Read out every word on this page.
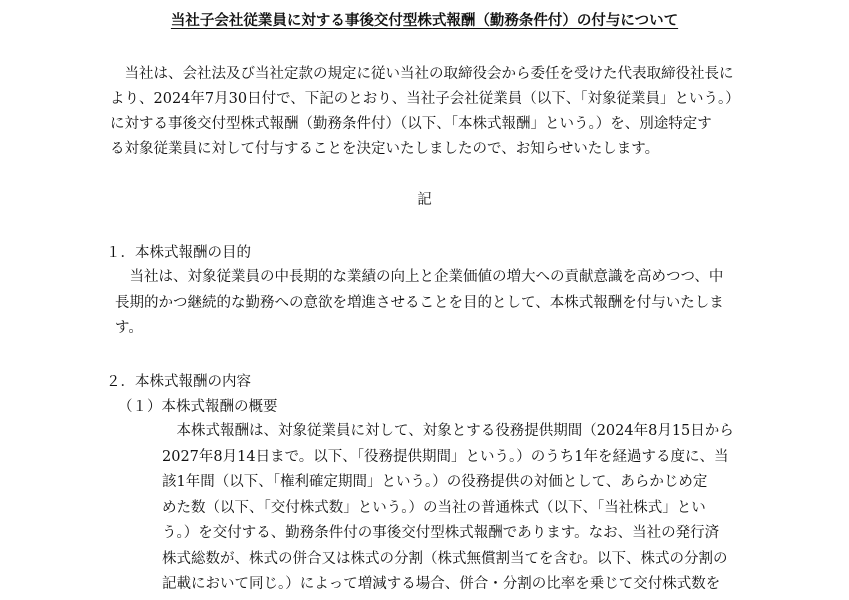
当社子会社従業員に対する事後交付型株式報酬（勤務条件付）の付与について
　当社は、会社法及び当社定款の規定に従い当社の取締役会から委任を受けた代表取締役社長に
より、2024年7月30日付で、下記のとおり、当社子会社従業員（以下、「対象従業員」という。）
に対する事後交付型株式報酬（勤務条件付）（以下、「本株式報酬」という。）を、別途特定す
る対象従業員に対して付与することを決定いたしましたので、お知らせいたします。
記
１．本株式報酬の目的
　当社は、対象従業員の中長期的な業績の向上と企業価値の増大への貢献意識を高めつつ、中
長期的かつ継続的な勤務への意欲を増進させることを目的として、本株式報酬を付与いたしま
す。
２．本株式報酬の内容
（１）本株式報酬の概要
　本株式報酬は、対象従業員に対して、対象とする役務提供期間（2024年8月15日から
2027年8月14日まで。以下、「役務提供期間」という。）のうち1年を経過する度に、当
該1年間（以下、「権利確定期間」という。）の役務提供の対価として、あらかじめ定
めた数（以下、「交付株式数」という。）の当社の普通株式（以下、「当社株式」とい
う。）を交付する、勤務条件付の事後交付型株式報酬であります。なお、当社の発行済
株式総数が、株式の併合又は株式の分割（株式無償割当てを含む。以下、株式の分割の
記載において同じ。）によって増減する場合、併合・分割の比率を乗じて交付株式数を
